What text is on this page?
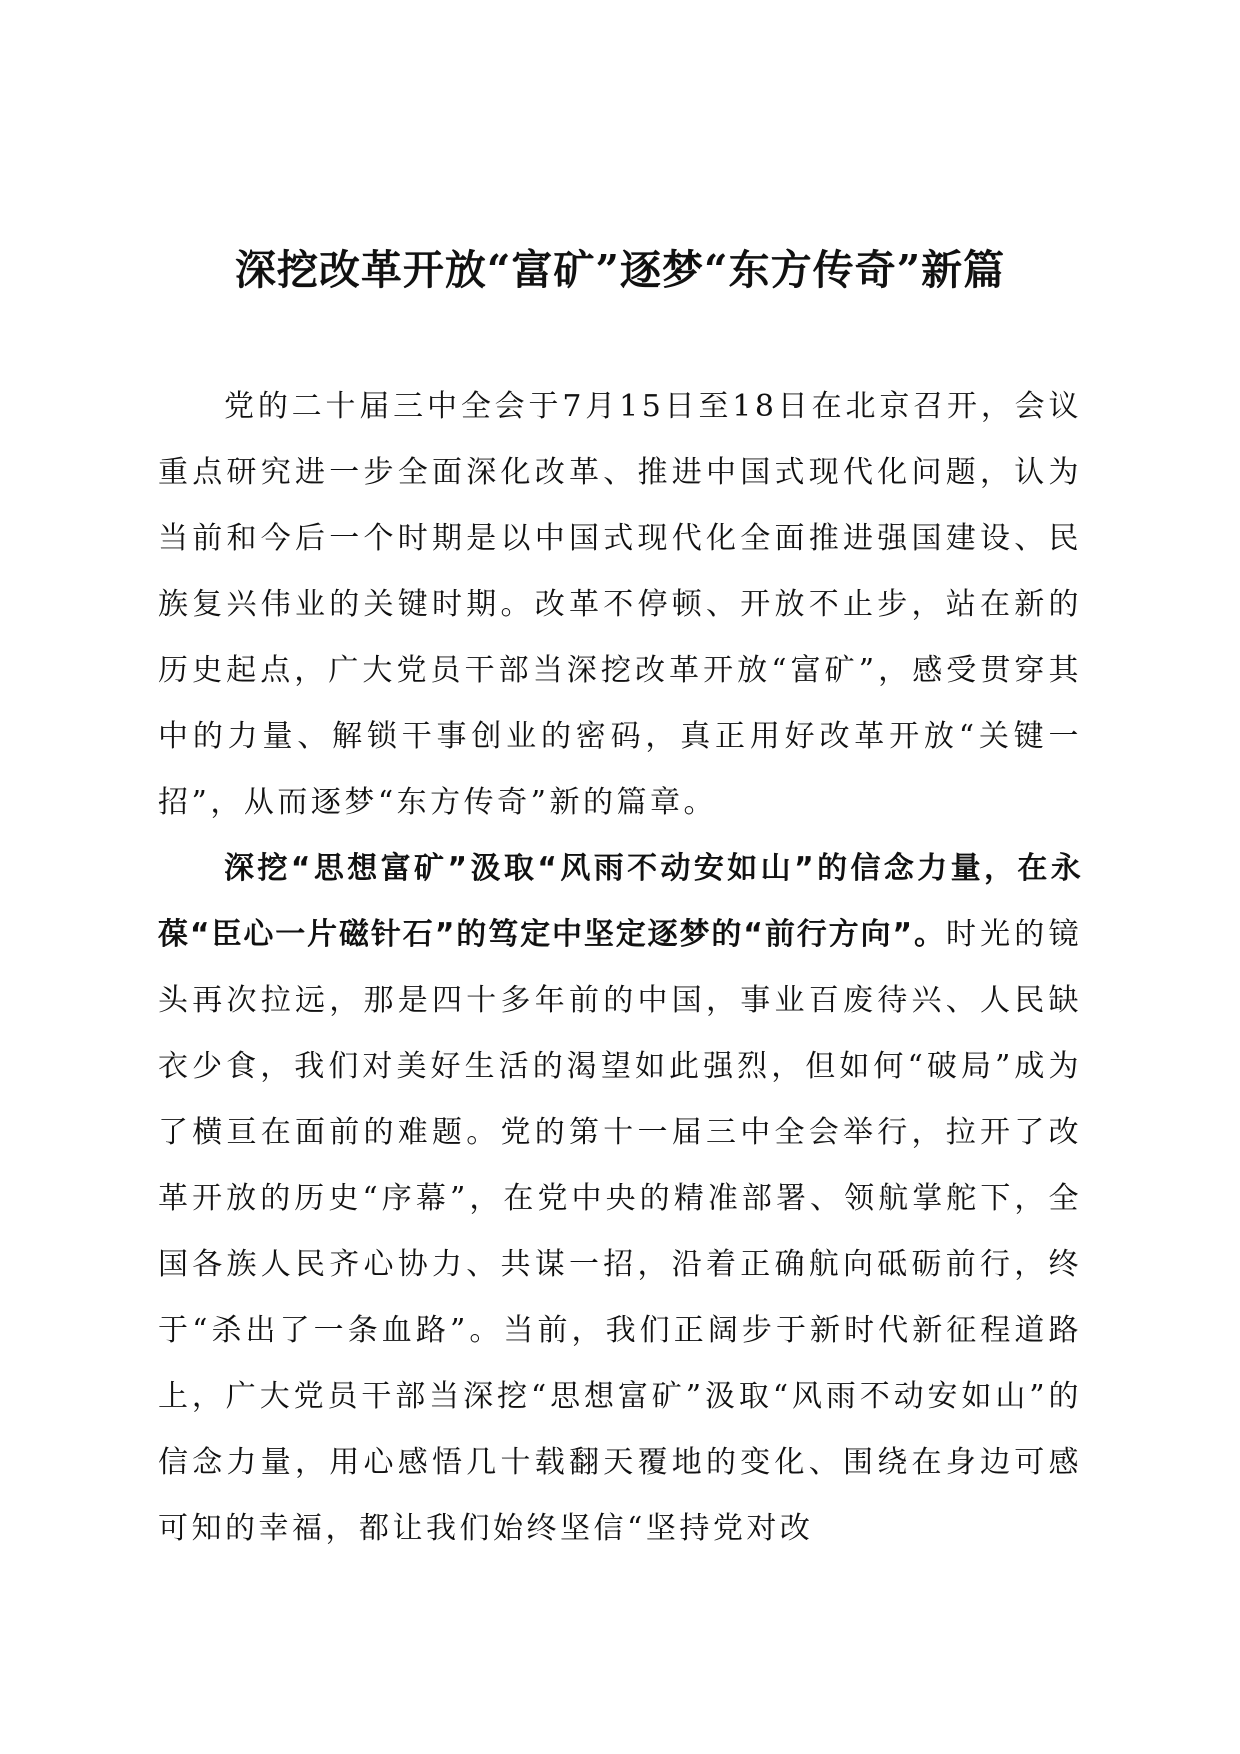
深挖改革开放“富矿”逐梦“东方传奇”新篇

党的二十届三中全会于7月15日至18日在北京召开，会议重点研究进一步全面深化改革、推进中国式现代化问题，认为当前和今后一个时期是以中国式现代化全面推进强国建设、民族复兴伟业的关键时期。改革不停顿、开放不止步，站在新的历史起点，广大党员干部当深挖改革开放“富矿”，感受贯穿其中的力量、解锁干事创业的密码，真正用好改革开放“关键一招”，从而逐梦“东方传奇”新的篇章。

深挖“思想富矿”汲取“风雨不动安如山”的信念力量，在永葆“臣心一片磁针石”的笃定中坚定逐梦的“前行方向”。时光的镜头再次拉远，那是四十多年前的中国，事业百废待兴、人民缺衣少食，我们对美好生活的渴望如此强烈，但如何“破局”成为了横亘在面前的难题。党的第十一届三中全会举行，拉开了改革开放的历史“序幕”，在党中央的精准部署、领航掌舵下，全国各族人民齐心协力、共谋一招，沿着正确航向砥砺前行，终于“杀出了一条血路”。当前，我们正阔步于新时代新征程道路上，广大党员干部当深挖“思想富矿”汲取“风雨不动安如山”的信念力量，用心感悟几十载翻天覆地的变化、围绕在身边可感可知的幸福，都让我们始终坚信“坚持党对改
